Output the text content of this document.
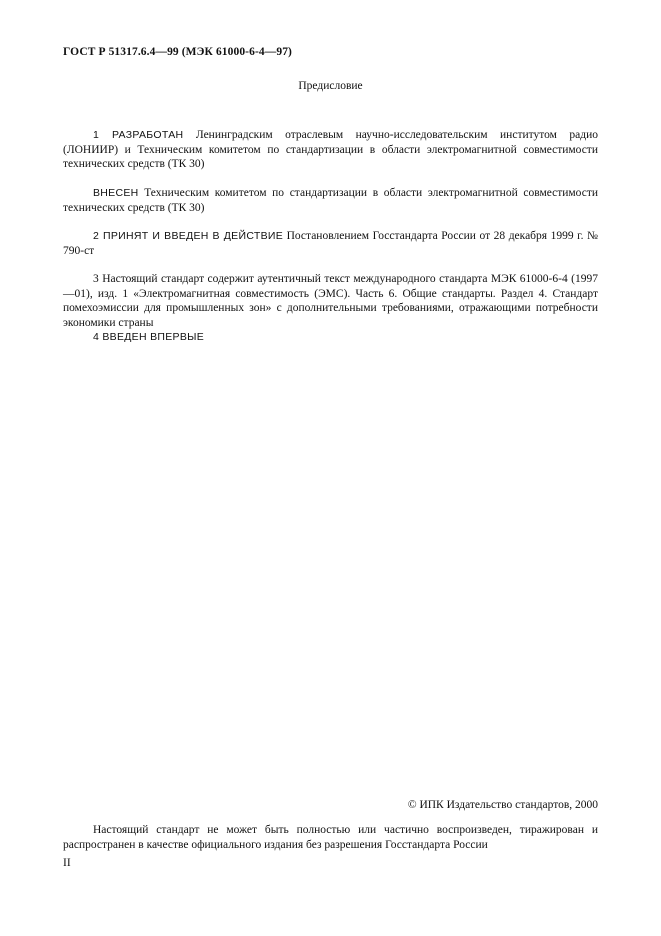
ГОСТ Р 51317.6.4—99 (МЭК 61000-6-4—97)
Предисловие

1 РАЗРАБОТАН Ленинградским отраслевым научно-исследовательским институтом радио (ЛОНИИР) и Техническим комитетом по стандартизации в области электромагнитной совместимости технических средств (ТК 30)

ВНЕСЕН Техническим комитетом по стандартизации в области электромагнитной совместимости технических средств (ТК 30)

2 ПРИНЯТ И ВВЕДЕН В ДЕЙСТВИЕ Постановлением Госстандарта России от 28 декабря 1999 г. № 790-ст

3 Настоящий стандарт содержит аутентичный текст международного стандарта МЭК 61000-6-4 (1997—01), изд. 1 «Электромагнитная совместимость (ЭМС). Часть 6. Общие стандарты. Раздел 4. Стандарт помехоэмиссии для промышленных зон» с дополнительными требованиями, отражающими потребности экономики страны

4 ВВЕДЕН ВПЕРВЫЕ

© ИПК Издательство стандартов, 2000

Настоящий стандарт не может быть полностью или частично воспроизведен, тиражирован и распространен в качестве официального издания без разрешения Госстандарта России

II
